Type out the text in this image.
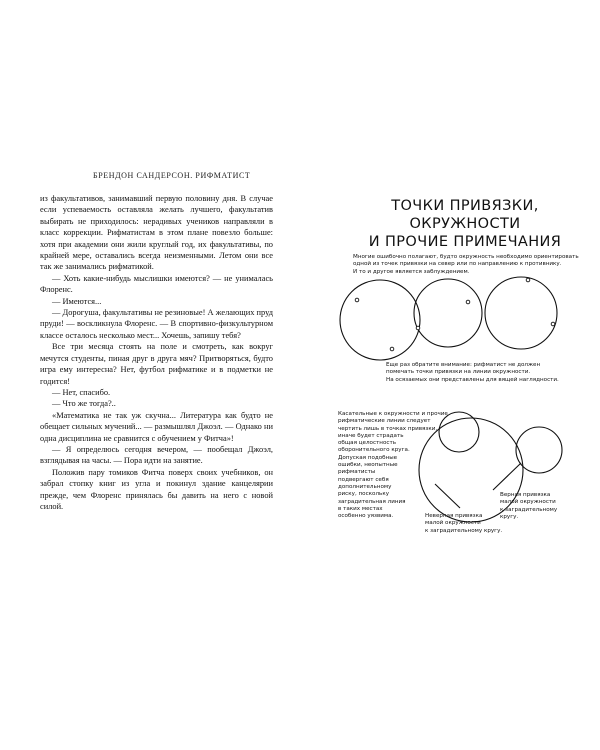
БРЕНДОН САНДЕРСОН. РИФМАТИСТ

из факультативов, занимавший первую половину дня. В случае если успеваемость оставляла желать лучшего, факультатив выбирать не приходилось: нерадивых учеников направляли в класс коррекции. Рифматистам в этом плане повезло больше: хотя при академии они жили круглый год, их факультативы, по крайней мере, оставались всегда неизменными. Летом они все так же занимались рифматикой.

— Хоть какие-нибудь мыслишки имеются? — не унималась Флоренс.

— Имеются...

— Дорогуша, факультативы не резиновые! А желающих пруд пруди! — воскликнула Флоренс. — В спортивно-физкультурном классе осталось несколько мест... Хочешь, запишу тебя?

Все три месяца стоять на поле и смотреть, как вокруг мечутся студенты, пиная друг в друга мяч? Притворяться, будто игра ему интересна? Нет, футбол рифматике и в подметки не годится!

— Нет, спасибо.

— Что же тогда?..

«Математика не так уж скучна... Литература как будто не обещает сильных мучений... — размышлял Джоэл. — Однако ни одна дисциплина не сравнится с обучением у Фитча»!

— Я определюсь сегодня вечером, — пообещал Джоэл, взглядывая на часы. — Пора идти на занятие.

Положив пару томиков Фитча поверх своих учебников, он забрал стопку книг из угла и покинул здание канцелярии прежде, чем Флоренс принялась бы давить на него с новой силой.

ТОЧКИ ПРИВЯЗКИ, ОКРУЖНОСТИ
И ПРОЧИЕ ПРИМЕЧАНИЯ
Многие ошибочно полагают, будто окружность необходимо ориентировать
одной из точек привязки на север или по направлению к противнику.
И то и другое является заблуждением.
Еще раз обратите внимание: рифматист не должен
помечать точки привязки на линии окружности.
На осязаемых они представлены для вящей наглядности.
Касательные к окружности и прочие
рифматические линии следует
чертить лишь в точках привязки,
иначе будет страдать
общая целостность
оборонительного круга.
Допуская подобные
ошибки, неопытные
рифматисты
подвергают себя
дополнительному
риску, поскольку
заградительная линия
в таких местах
особенно уязвима.
Верная привязка
малой окружности
к заградительному
кругу.
Неверная привязка
малой окружности
к заградительному кругу.
